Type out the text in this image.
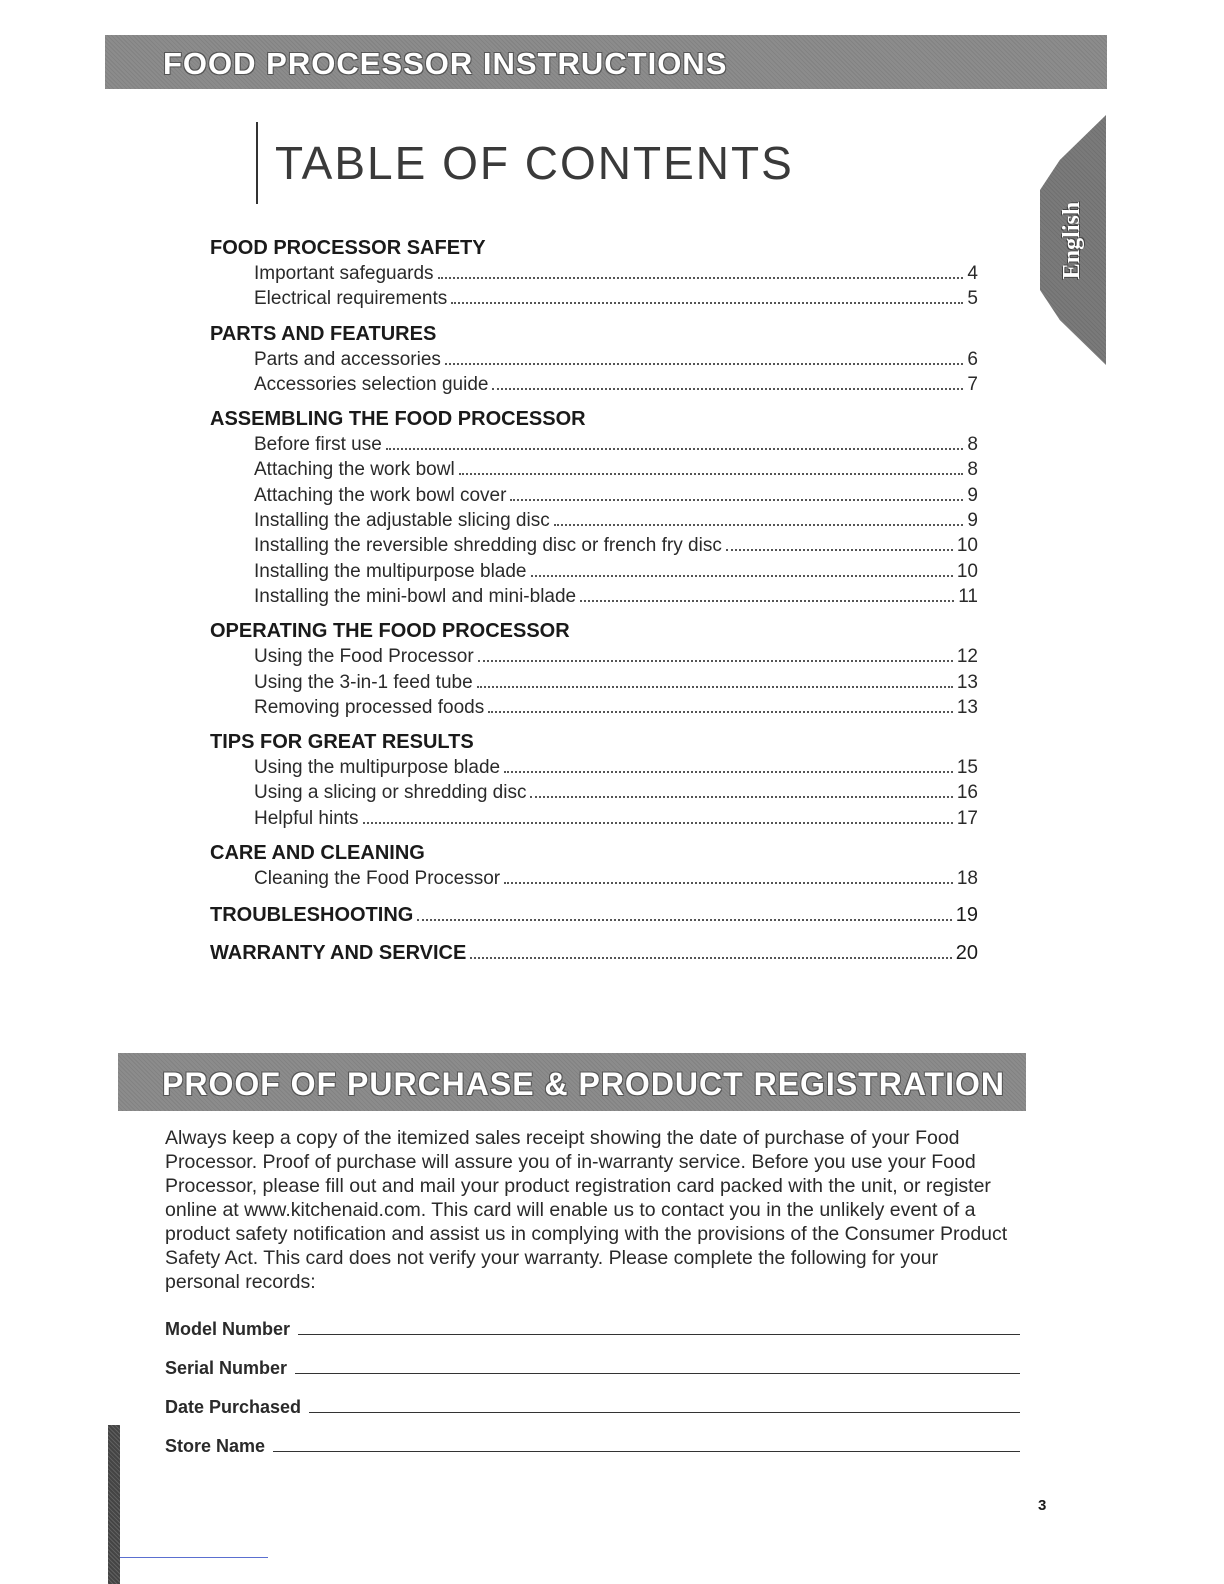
FOOD PROCESSOR INSTRUCTIONS
TABLE OF CONTENTS
English
FOOD PROCESSOR SAFETY
Important safeguards	4
Electrical requirements	5
PARTS AND FEATURES
Parts and accessories	6
Accessories selection guide	7
ASSEMBLING THE FOOD PROCESSOR
Before first use	8
Attaching the work bowl	8
Attaching the work bowl cover	9
Installing the adjustable slicing disc	9
Installing the reversible shredding disc or french fry disc	10
Installing the multipurpose blade	10
Installing the mini-bowl and mini-blade	11
OPERATING THE FOOD PROCESSOR
Using the Food Processor	12
Using the 3-in-1 feed tube	13
Removing processed foods	13
TIPS FOR GREAT RESULTS
Using the multipurpose blade	15
Using a slicing or shredding disc	16
Helpful hints	17
CARE AND CLEANING
Cleaning the Food Processor	18
TROUBLESHOOTING	19
WARRANTY AND SERVICE	20
PROOF OF PURCHASE & PRODUCT REGISTRATION

Always keep a copy of the itemized sales receipt showing the date of purchase of your Food Processor. Proof of purchase will assure you of in-warranty service. Before you use your Food Processor, please fill out and mail your product registration card packed with the unit, or register online at www.kitchenaid.com. This card will enable us to contact you in the unlikely event of a product safety notification and assist us in complying with the provisions of the Consumer Product Safety Act. This card does not verify your warranty. Please complete the following for your personal records:

Model Number
Serial Number
Date Purchased
Store Name
3
